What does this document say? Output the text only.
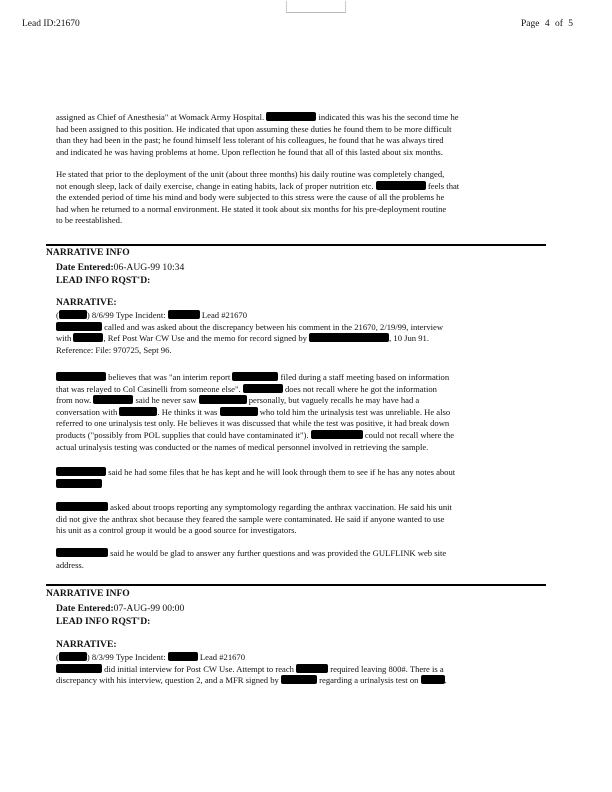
Lead ID:21670	Page 4 of 5
assigned as Chief of Anesthesia" at Womack Army Hospital.	indicated this was his the second time he
had been assigned to this position. He indicated that upon assuming these duties he found them to be more difficult
than they had been in the past; he found himself less tolerant of his colleagues, he found that he was always tired
and indicated he was having problems at home. Upon reflection he found that all of this lasted about six months.
He stated that prior to the deployment of the unit (about three months) his daily routine was completely changed,
not enough sleep, lack of daily exercise, change in eating habits, lack of proper nutrition etc.	feels that
the extended period of time his mind and body were subjected to this stress were the cause of all the problems he
had when he returned to a normal environment. He stated it took about six months for his pre-deployment routine
to be reestablished.
NARRATIVE INFO
Date Entered:06-AUG-99 10:34
LEAD INFO RQST'D:
NARRATIVE:
(	) 8/6/99 Type Incident:	Lead #21670
called and was asked about the discrepancy between his comment in the 21670, 2/19/99, interview
with	, Ref Post War CW Use and the memo for record signed by	, 10 Jun 91.
Reference: File: 970725, Sept 96.
believes that was "an interim report	filed during a staff meeting based on information
that was relayed to Col Casinelli from someone else".	does not recall where he got the information
from now.	said he never saw	personally, but vaguely recalls he may have had a
conversation with	. He thinks it was	who told him the urinalysis test was unreliable. He also
referred to one urinalysis test only. He believes it was discussed that while the test was positive, it had break down
products ("possibly from POL supplies that could have contaminated it").	could not recall where the
actual urinalysis testing was conducted or the names of medical personnel involved in retrieving the sample.
said he had some files that he has kept and he will look through them to see if he has any notes about
asked about troops reporting any symptomology regarding the anthrax vaccination. He said his unit
did not give the anthrax shot because they feared the sample were contaminated. He said if anyone wanted to use
his unit as a control group it would be a good source for investigators.
said he would be glad to answer any further questions and was provided the GULFLINK web site
address.
NARRATIVE INFO
Date Entered:07-AUG-99 00:00
LEAD INFO RQST'D:
NARRATIVE:
(	) 8/3/99 Type Incident:	Lead #21670
did initial interview for Post CW Use. Attempt to reach	required leaving 800#. There is a
discrepancy with his interview, question 2, and a MFR signed by	regarding a urinalysis test on	.
